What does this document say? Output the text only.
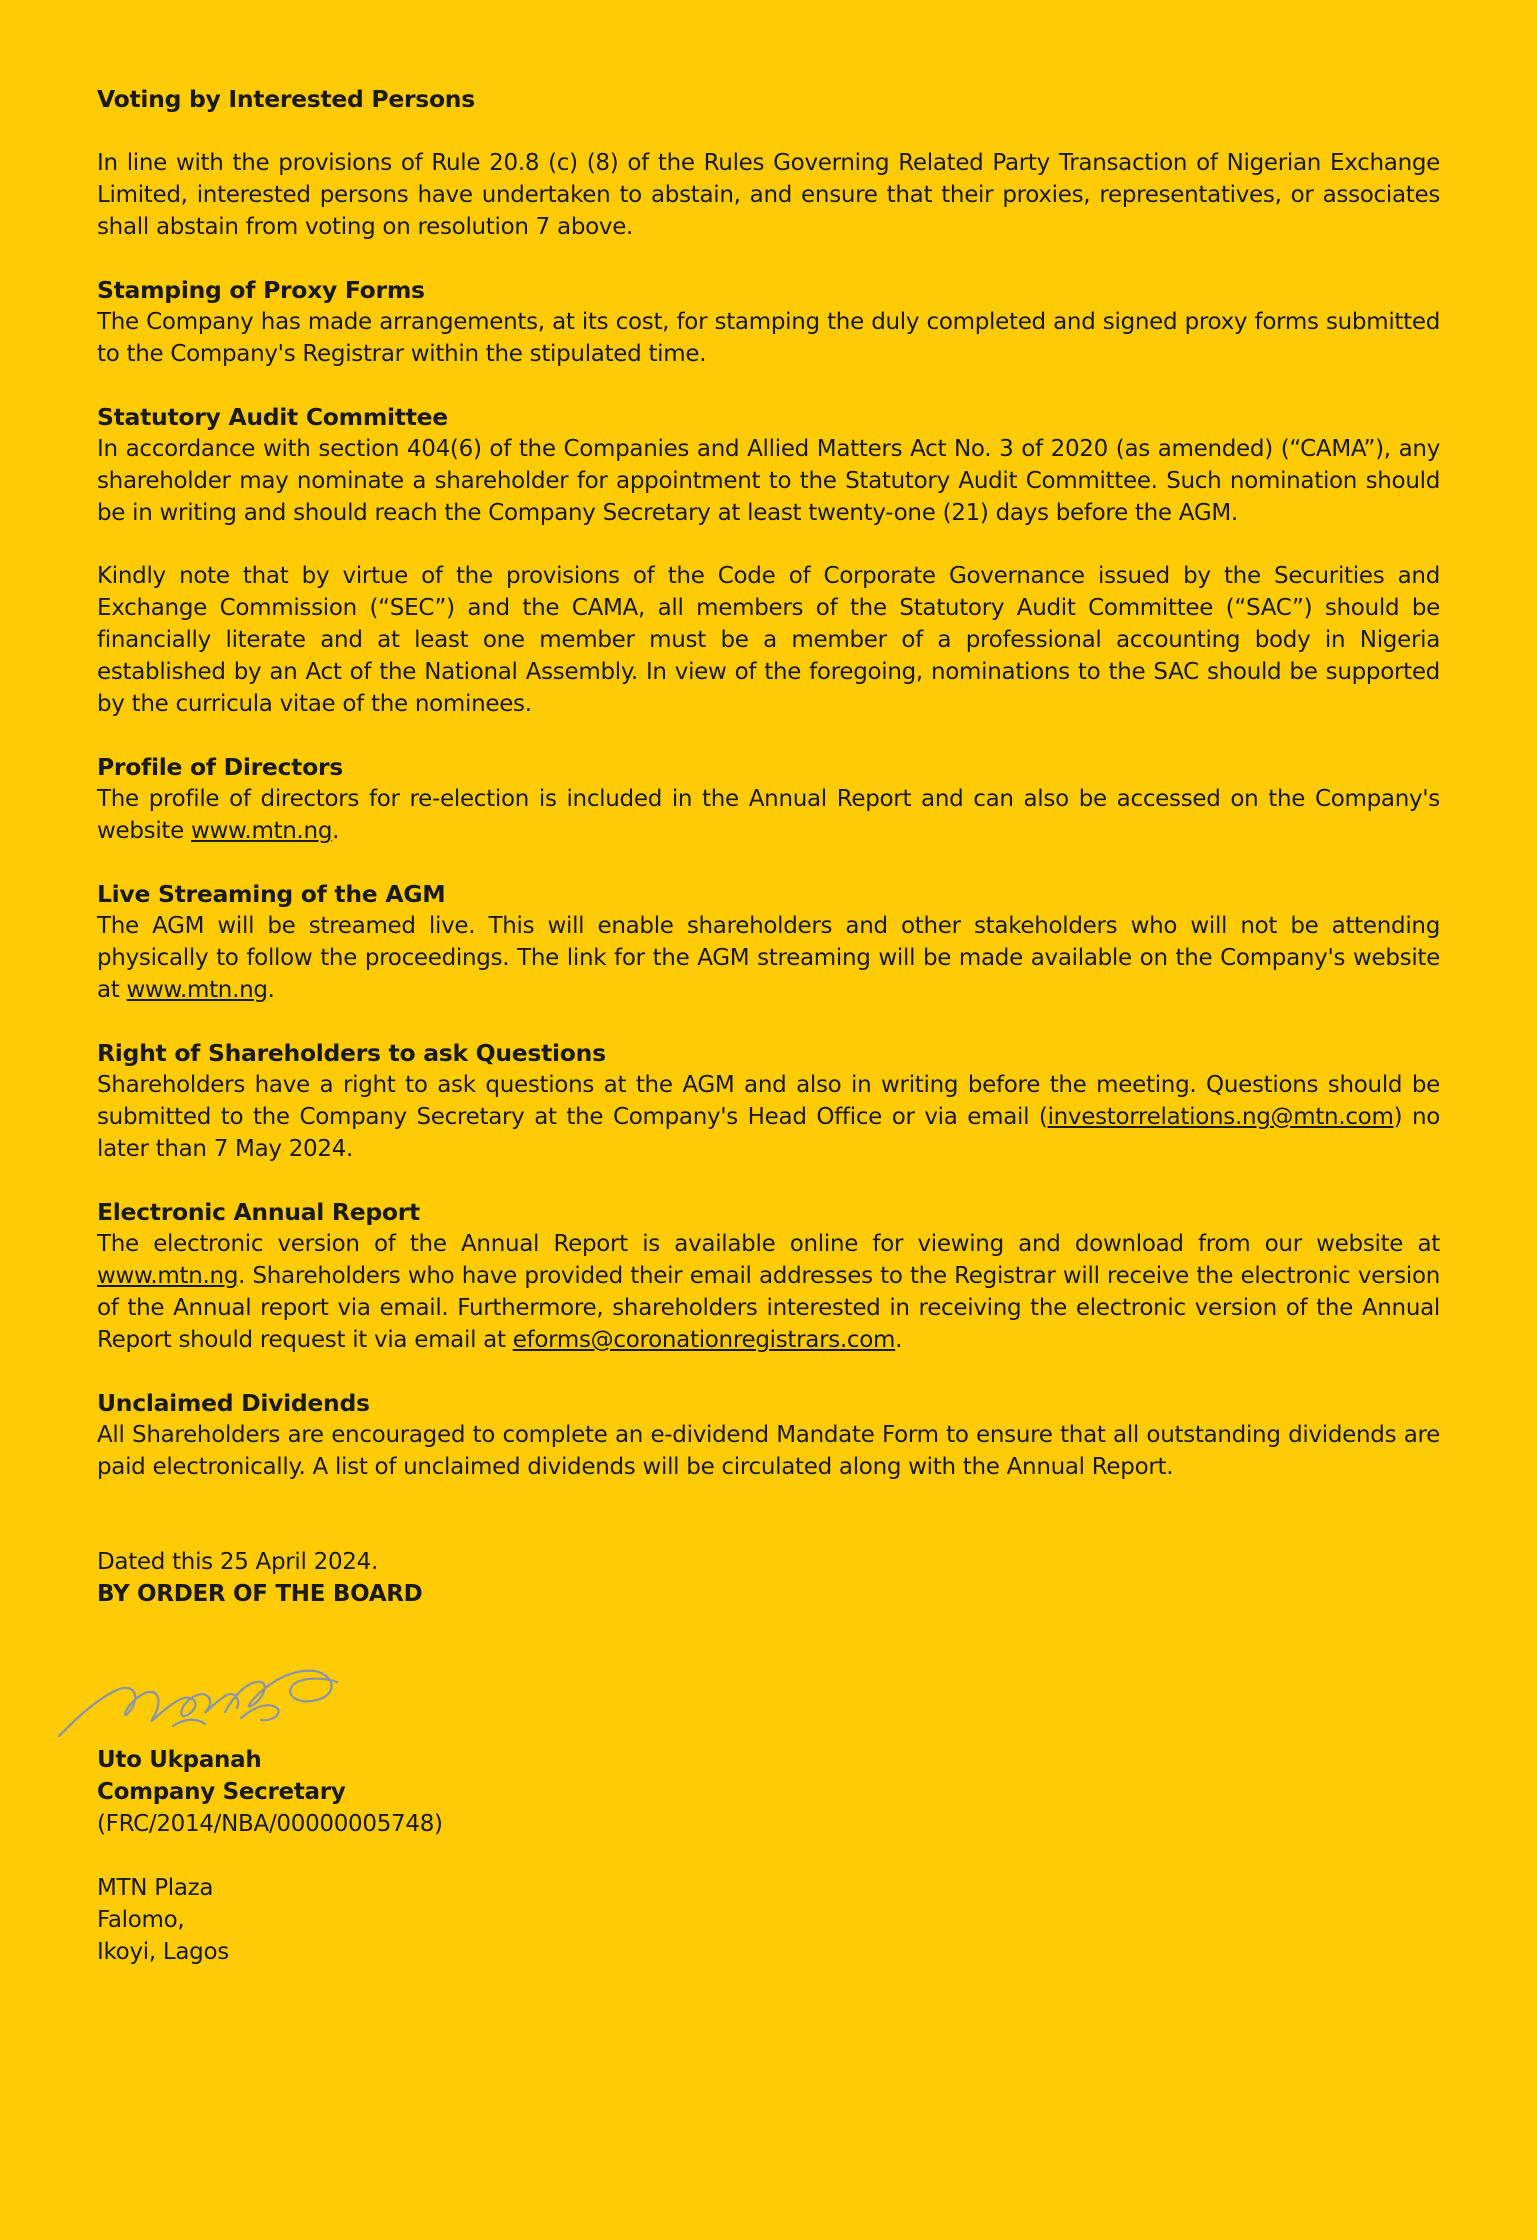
Voting by Interested Persons

In line with the provisions of Rule 20.8 (c) (8) of the Rules Governing Related Party Transaction of Nigerian Exchange Limited, interested persons have undertaken to abstain, and ensure that their proxies, representatives, or associates shall abstain from voting on resolution 7 above.

Stamping of Proxy Forms

The Company has made arrangements, at its cost, for stamping the duly completed and signed proxy forms submitted to the Company's Registrar within the stipulated time.

Statutory Audit Committee

In accordance with section 404(6) of the Companies and Allied Matters Act No. 3 of 2020 (as amended) (“CAMA”), any shareholder may nominate a shareholder for appointment to the Statutory Audit Committee. Such nomination should be in writing and should reach the Company Secretary at least twenty-one (21) days before the AGM.

Kindly note that by virtue of the provisions of the Code of Corporate Governance issued by the Securities and Exchange Commission (“SEC”) and the CAMA, all members of the Statutory Audit Committee (“SAC”) should be financially literate and at least one member must be a member of a professional accounting body in Nigeria established by an Act of the National Assembly. In view of the foregoing, nominations to the SAC should be supported by the curricula vitae of the nominees.

Profile of Directors

The profile of directors for re-election is included in the Annual Report and can also be accessed on the Company's website www.mtn.ng.

Live Streaming of the AGM

The AGM will be streamed live. This will enable shareholders and other stakeholders who will not be attending physically to follow the proceedings. The link for the AGM streaming will be made available on the Company's website at www.mtn.ng.

Right of Shareholders to ask Questions

Shareholders have a right to ask questions at the AGM and also in writing before the meeting. Questions should be submitted to the Company Secretary at the Company's Head Office or via email (investorrelations.ng@mtn.com) no later than 7 May 2024.

Electronic Annual Report

The electronic version of the Annual Report is available online for viewing and download from our website at www.mtn.ng. Shareholders who have provided their email addresses to the Registrar will receive the electronic version of the Annual report via email. Furthermore, shareholders interested in receiving the electronic version of the Annual Report should request it via email at eforms@coronationregistrars.com.

Unclaimed Dividends

All Shareholders are encouraged to complete an e-dividend Mandate Form to ensure that all outstanding dividends are paid electronically. A list of unclaimed dividends will be circulated along with the Annual Report.

Dated this 25 April 2024.

BY ORDER OF THE BOARD

Uto Ukpanah

Company Secretary

(FRC/2014/NBA/00000005748)

MTN Plaza

Falomo,

Ikoyi, Lagos
